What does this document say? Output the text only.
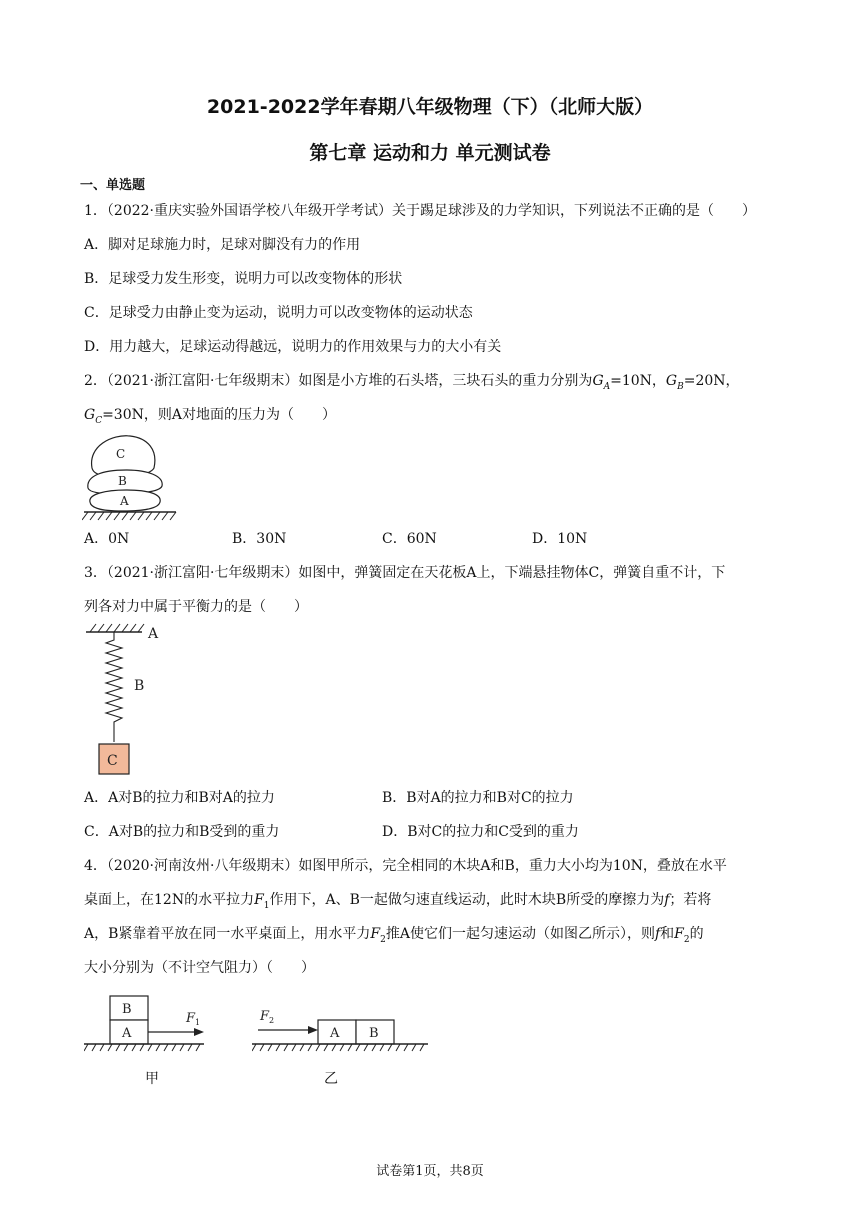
2021-2022学年春期八年级物理（下）（北师大版）
第七章 运动和力 单元测试卷
一、单选题
1．（2022·重庆实验外国语学校八年级开学考试）关于踢足球涉及的力学知识，下列说法不正确的是（　　）
A．脚对足球施力时，足球对脚没有力的作用
B．足球受力发生形变，说明力可以改变物体的形状
C．足球受力由静止变为运动，说明力可以改变物体的运动状态
D．用力越大，足球运动得越远，说明力的作用效果与力的大小有关
2．（2021·浙江富阳·七年级期末）如图是小方堆的石头塔，三块石头的重力分别为$G_A=10N$，$G_B=20N$，
$G_C=30N$，则A对地面的压力为（　　）
C
B
A
A．0N	B．30N	C．60N	D．10N
3．（2021·浙江富阳·七年级期末）如图中，弹簧固定在天花板A上，下端悬挂物体C，弹簧自重不计，下
列各对力中属于平衡力的是（　　）
A
B
C
A．A对B的拉力和B对A的拉力	B．B对A的拉力和B对C的拉力
C．A对B的拉力和B受到的重力	D．B对C的拉力和C受到的重力
4．（2020·河南汝州·八年级期末）如图甲所示，完全相同的木块A和B，重力大小均为10N，叠放在水平
桌面上，在12N的水平拉力$F_1$作用下，A、B一起做匀速直线运动，此时木块B所受的摩擦力为f；若将
A，B紧靠着平放在同一水平桌面上，用水平力$F_2$推A使它们一起匀速运动（如图乙所示），则f和$F_2$的
大小分别为（不计空气阻力）（　　）
B
A
F 1
甲
A B
F 2
乙
试卷第1页，共8页
